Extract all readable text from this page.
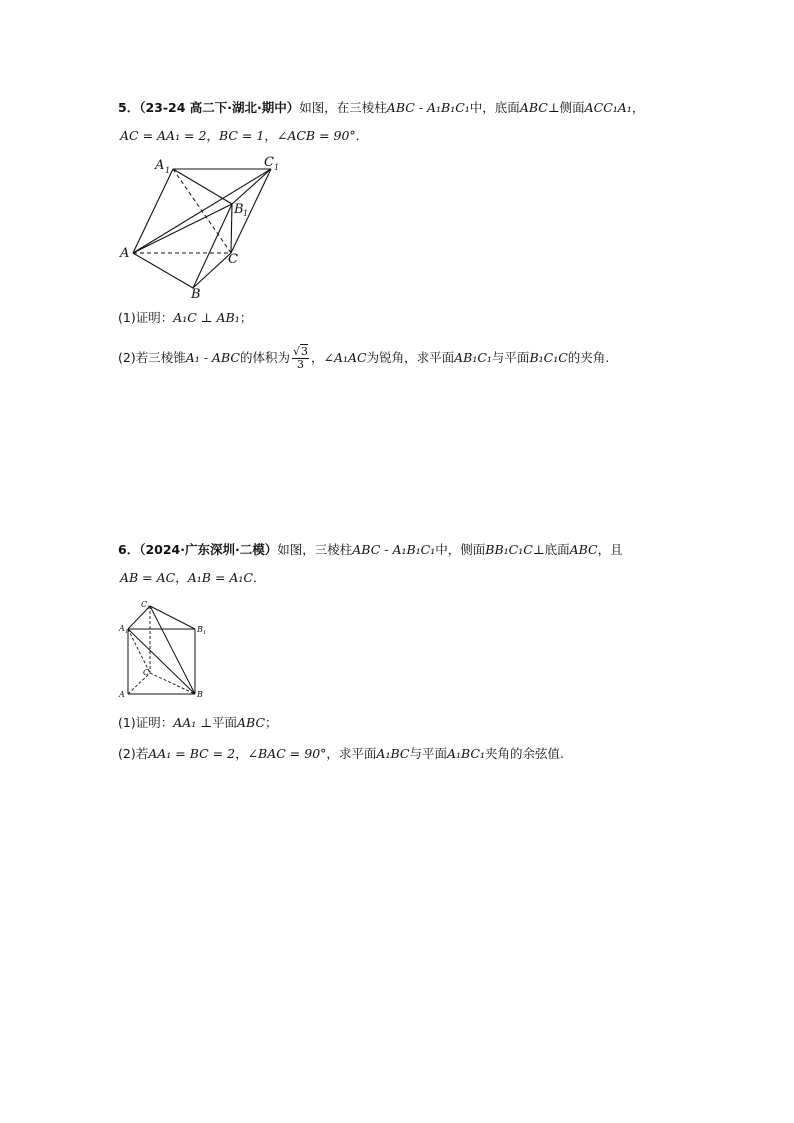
5．（23-24 高二下·湖北·期中）如图，在三棱柱ABC - A₁B₁C₁中，底面ABC⊥侧面ACC₁A₁，
AC = AA₁ = 2，BC = 1，∠ACB = 90°．
A 1
C 1
B 1
A	C
B
(1)证明：A₁C ⊥ AB₁；
(2)若三棱锥A₁ - ABC的体积为 $\frac{√3}{3}$ ，∠A₁AC为锐角，求平面AB₁C₁与平面B₁C₁C的夹角.
6．（2024·广东深圳·二模）如图，三棱柱ABC - A₁B₁C₁中，侧面BB₁C₁C⊥底面ABC，且
AB = AC，A₁B = A₁C．
C 1
A 1	B 1
C
A	B
(1)证明：AA₁ ⊥平面ABC；
(2)若AA₁ = BC = 2，∠BAC = 90°，求平面A₁BC与平面A₁BC₁夹角的余弦值.
